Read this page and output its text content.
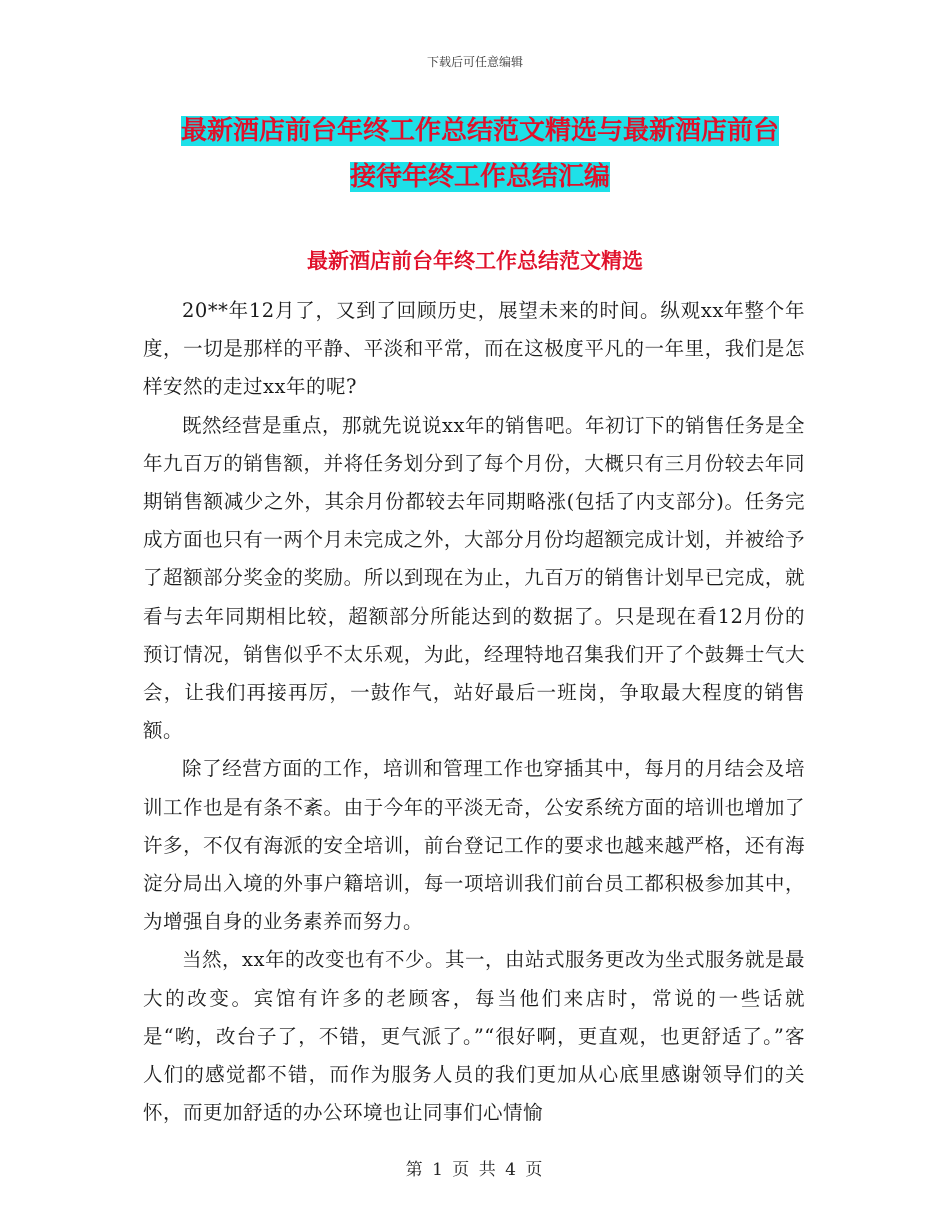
下载后可任意编辑
最新酒店前台年终工作总结范文精选与最新酒店前台
接待年终工作总结汇编
最新酒店前台年终工作总结范文精选

20**年12月了，又到了回顾历史，展望未来的时间。纵观xx年整个年度，一切是那样的平静、平淡和平常，而在这极度平凡的一年里，我们是怎样安然的走过xx年的呢?

既然经营是重点，那就先说说xx年的销售吧。年初订下的销售任务是全年九百万的销售额，并将任务划分到了每个月份，大概只有三月份较去年同期销售额减少之外，其余月份都较去年同期略涨(包括了内支部分)。任务完成方面也只有一两个月未完成之外，大部分月份均超额完成计划，并被给予了超额部分奖金的奖励。所以到现在为止，九百万的销售计划早已完成，就看与去年同期相比较，超额部分所能达到的数据了。只是现在看12月份的预订情况，销售似乎不太乐观，为此，经理特地召集我们开了个鼓舞士气大会，让我们再接再厉，一鼓作气，站好最后一班岗，争取最大程度的销售额。

除了经营方面的工作，培训和管理工作也穿插其中，每月的月结会及培训工作也是有条不紊。由于今年的平淡无奇，公安系统方面的培训也增加了许多，不仅有海派的安全培训，前台登记工作的要求也越来越严格，还有海淀分局出入境的外事户籍培训，每一项培训我们前台员工都积极参加其中，为增强自身的业务素养而努力。

当然，xx年的改变也有不少。其一，由站式服务更改为坐式服务就是最大的改变。宾馆有许多的老顾客，每当他们来店时，常说的一些话就是“哟，改台子了，不错，更气派了。”“很好啊，更直观，也更舒适了。”客人们的感觉都不错，而作为服务人员的我们更加从心底里感谢领导们的关怀，而更加舒适的办公环境也让同事们心情愉

第 1 页 共 4 页
